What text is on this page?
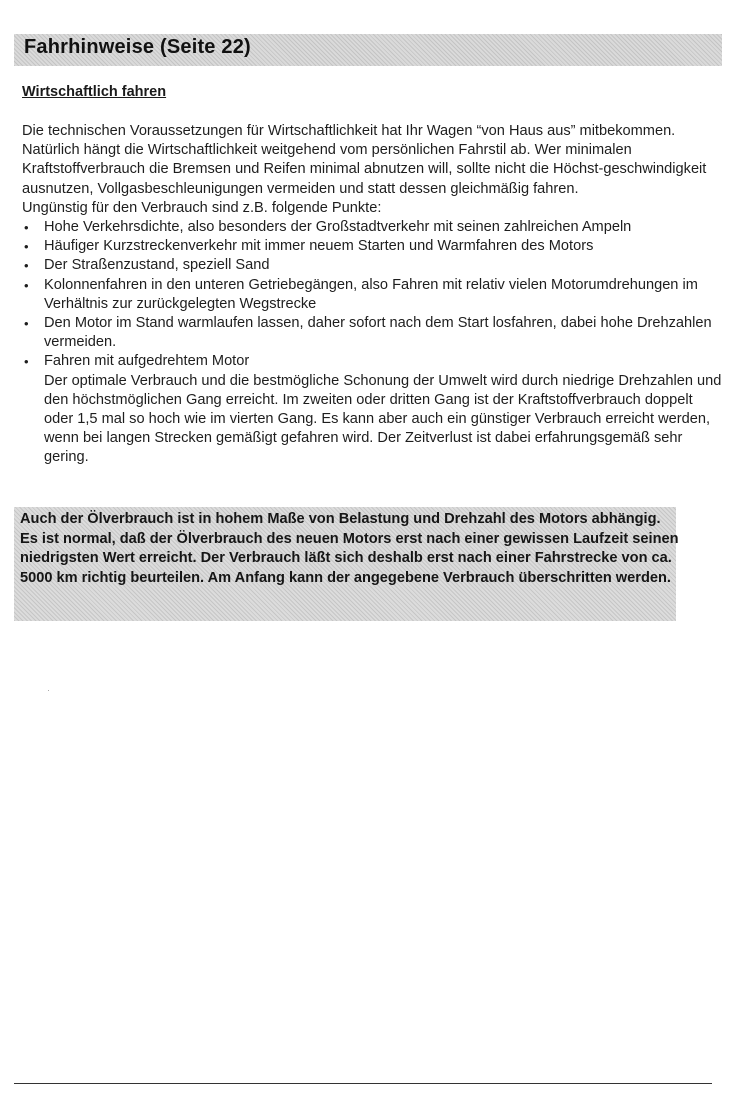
Fahrhinweise (Seite 22)
Wirtschaftlich fahren

Die technischen Voraussetzungen für Wirtschaftlichkeit hat Ihr Wagen “von Haus aus” mitbekommen.

Natürlich hängt die Wirtschaftlichkeit weitgehend vom persönlichen Fahrstil ab. Wer minimalen Kraftstoffverbrauch die Bremsen und Reifen minimal abnutzen will, sollte nicht die Höchst-geschwindigkeit ausnutzen, Vollgasbeschleunigungen vermeiden und statt dessen gleichmäßig fahren.

Ungünstig für den Verbrauch sind z.B. folgende Punkte:

• Hohe Verkehrsdichte, also besonders der Großstadtverkehr mit seinen zahlreichen Ampeln
• Häufiger Kurzstreckenverkehr mit immer neuem Starten und Warmfahren des Motors
• Der Straßenzustand, speziell Sand
• Kolonnenfahren in den unteren Getriebegängen, also Fahren mit relativ vielen Motorumdrehungen im Verhältnis zur zurückgelegten Wegstrecke
• Den Motor im Stand warmlaufen lassen, daher sofort nach dem Start losfahren, dabei hohe Drehzahlen vermeiden.
• Fahren mit aufgedrehtem Motor
Der optimale Verbrauch und die bestmögliche Schonung der Umwelt wird durch niedrige Drehzahlen und den höchstmöglichen Gang erreicht. Im zweiten oder dritten Gang ist der Kraftstoffverbrauch doppelt oder 1,5 mal so hoch wie im vierten Gang. Es kann aber auch ein günstiger Verbrauch erreicht werden, wenn bei langen Strecken gemäßigt gefahren wird. Der Zeitverlust ist dabei erfahrungsgemäß sehr gering.

Auch der Ölverbrauch ist in hohem Maße von Belastung und Drehzahl des Motors abhängig.

Es ist normal, daß der Ölverbrauch des neuen Motors erst nach einer gewissen Laufzeit seinen niedrigsten Wert erreicht. Der Verbrauch läßt sich deshalb erst nach einer Fahrstrecke von ca. 5000 km richtig beurteilen. Am Anfang kann der angegebene Verbrauch überschritten werden.
